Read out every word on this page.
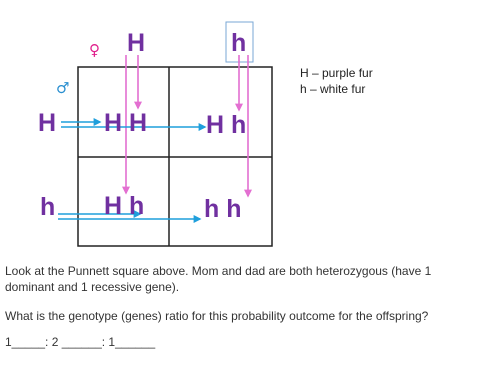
♀
♂
H	h
H
h
H H H h
H h h h
H – purple fur
h – white fur
Look at the Punnett square above. Mom and dad are both heterozygous (have 1
dominant and 1 recessive gene).
What is the genotype (genes) ratio for this probability outcome for the offspring?
1_____: 2 ______: 1______
